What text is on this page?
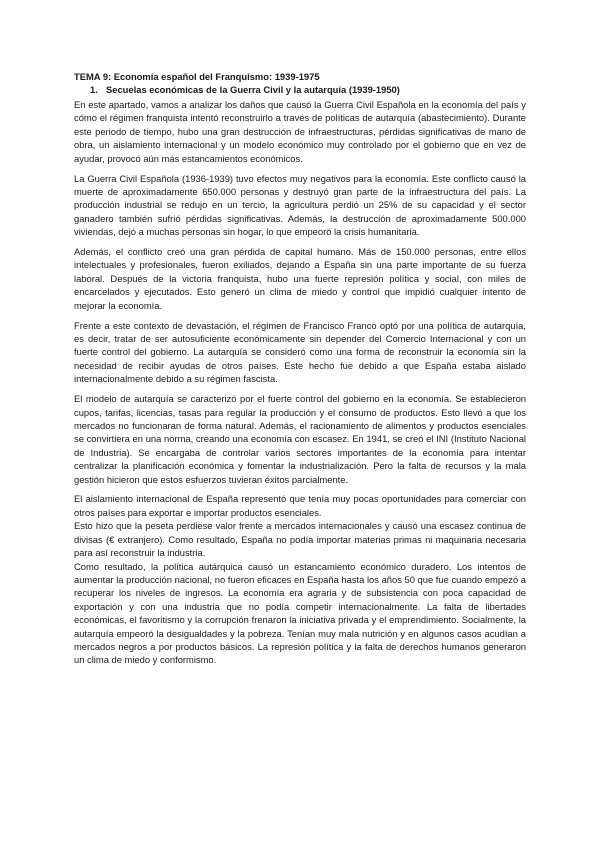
TEMA 9: Economía español del Franquismo: 1939-1975

1. Secuelas económicas de la Guerra Civil y la autarquía (1939-1950)

En este apartado, vamos a analizar los daños que causó la Guerra Civil Española en la economía del país y cómo el régimen franquista intentó reconstruirlo a través de políticas de autarquía (abastecimiento). Durante este periodo de tiempo, hubo una gran destrucción de infraestructuras, pérdidas significativas de mano de obra, un aislamiento internacional y un modelo económico muy controlado por el gobierno que en vez de ayudar, provocó aún más estancamientos económicos.

La Guerra Civil Española (1936-1939) tuvo efectos muy negativos para la economía. Este conflicto causó la muerte de aproximadamente 650.000 personas y destruyó gran parte de la infraestructura del país. La producción industrial se redujo en un tercio, la agricultura perdió un 25% de su capacidad y el sector ganadero también sufrió pérdidas significativas. Además, la destrucción de aproximadamente 500.000 viviendas, dejó a muchas personas sin hogar, lo que empeoró la crisis humanitaria.

Además, el conflicto creó una gran pérdida de capital humano. Más de 150.000 personas, entre ellos intelectuales y profesionales, fueron exiliados, dejando a España sin una parte importante de su fuerza laboral. Después de la victoria franquista, hubo una fuerte represión política y social, con miles de encarcelados y ejecutados. Esto generó un clima de miedo y control que impidió cualquier intento de mejorar la economía.

Frente a este contexto de devastación, el régimen de Francisco Franco optó por una política de autarquía, es decir, tratar de ser autosuficiente económicamente sin depender del Comercio Internacional y con un fuerte control del gobierno. La autarquía se consideró como una forma de reconstruir la economía sin la necesidad de recibir ayudas de otros países. Este hecho fue debido a que España estaba aislado internacionalmente debido a su régimen fascista.

El modelo de autarquía se caracterizó por el fuerte control del gobierno en la economía. Se establecieron cupos, tarifas, licencias, tasas para regular la producción y el consumo de productos. Esto llevó a que los mercados no funcionaran de forma natural. Además, el racionamiento de alimentos y productos esenciales se convirtiera en una norma, creando una economía con escasez. En 1941, se creó el INI (Instituto Nacional de Industria). Se encargaba de controlar varios sectores importantes de la economía para intentar centralizar la planificación económica y fomentar la industrialización. Pero la falta de recursos y la mala gestión hicieron que estos esfuerzos tuvieran éxitos parcialmente.

El aislamiento internacional de España representó que tenía muy pocas oportunidades para comerciar con otros países para exportar e importar productos esenciales.

Esto hizo que la peseta perdiese valor frente a mercados internacionales y causó una escasez continua de divisas (€ extranjero). Como resultado, España no podía importar materias primas ni maquinaria necesaria para así reconstruir la industria.

Como resultado, la política autárquica causó un estancamiento económico duradero. Los intentos de aumentar la producción nacional, no fueron eficaces en España hasta los años 50 que fue cuando empezó a recuperar los niveles de ingresos. La economía era agraria y de subsistencia con poca capacidad de exportación y con una industria que no podía competir internacionalmente. La falta de libertades económicas, el favoritismo y la corrupción frenaron la iniciativa privada y el emprendimiento. Socialmente, la autarquía empeoró la desigualdades y la pobreza. Tenían muy mala nutrición y en algunos casos acudían a mercados negros a por productos básicos. La represión política y la falta de derechos humanos generaron un clima de miedo y conformismo.
